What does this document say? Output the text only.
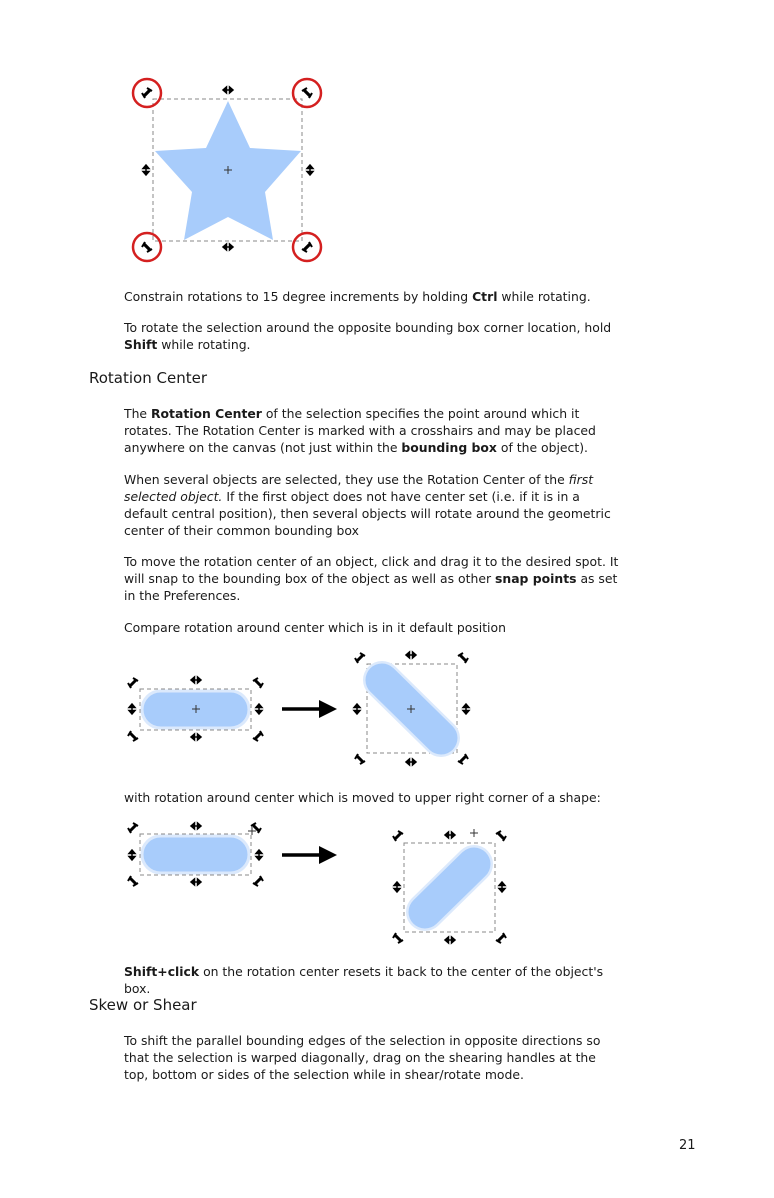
Constrain rotations to 15 degree increments by holding Ctrl while rotating.

To rotate the selection around the opposite bounding box corner location, hold Shift while rotating.

Rotation Center

The Rotation Center of the selection specifies the point around which it rotates. The Rotation Center is marked with a crosshairs and may be placed anywhere on the canvas (not just within the bounding box of the object).

When several objects are selected, they use the Rotation Center of the first selected object. If the first object does not have center set (i.e. if it is in a default central position), then several objects will rotate around the geometric center of their common bounding box

To move the rotation center of an object, click and drag it to the desired spot. It will snap to the bounding box of the object as well as other snap points as set in the Preferences.

Compare rotation around center which is in it default position

with rotation around center which is moved to upper right corner of a shape:

Shift+click on the rotation center resets it back to the center of the object's box.

Skew or Shear

To shift the parallel bounding edges of the selection in opposite directions so that the selection is warped diagonally, drag on the shearing handles at the top, bottom or sides of the selection while in shear/rotate mode.

21
